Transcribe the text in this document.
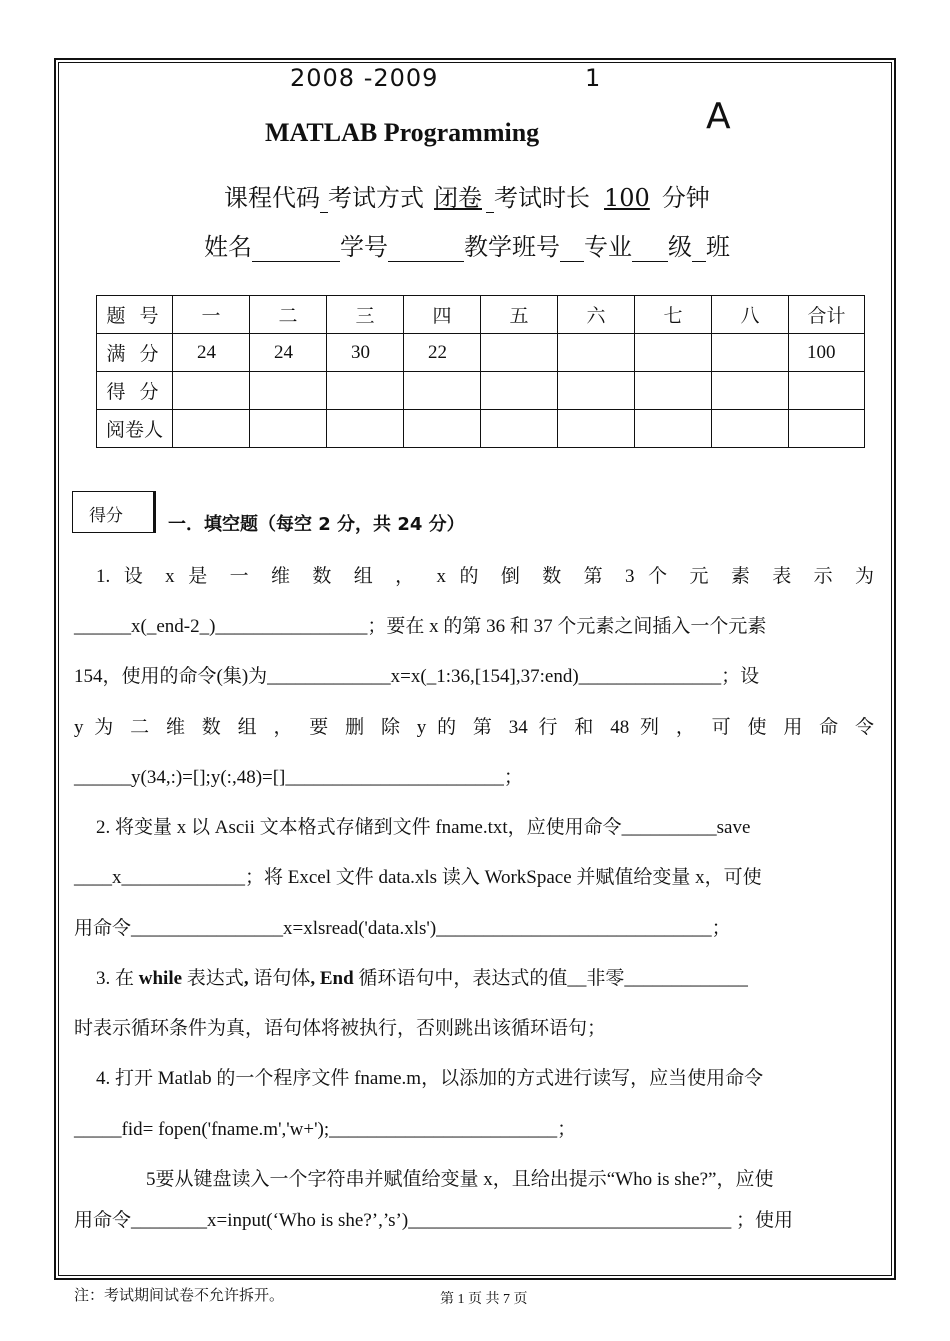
2008 -2009	1
A
MATLAB Programming
课程代码 考试方式 闭卷 考试时长 100 分钟
姓名	学号	教学班号 专业 级 班
题 号	一	二	三	四	五	六	七	八	合计
满 分	24	24	30	22					100
得 分									
阅卷人									
得分	一．填空题（每空 2 分，共 24 分）
1. 设 x 是 一 维 数 组 ， x 的 倒 数 第 3 个 元 素 表 示 为
______x(_end-2_)________________；要在 x 的第 36 和 37 个元素之间插入一个元素
154，使用的命令(集)为_____________x=x(_1:36,[154],37:end)_______________；设
y 为 二 维 数 组 ， 要 删 除 y 的 第 34 行 和 48 列 ， 可 使 用 命 令
______y(34,:)=[];y(:,48)=[]_______________________；
2. 将变量 x 以 Ascii 文本格式存储到文件 fname.txt，应使用命令__________save
____x_____________；将 Excel 文件 data.xls 读入 WorkSpace 并赋值给变量 x，可使
用命令________________x=xlsread('data.xls')_____________________________；
3. 在 while 表达式, 语句体, End 循环语句中，表达式的值__非零_____________
时表示循环条件为真，语句体将被执行，否则跳出该循环语句；
4. 打开 Matlab 的一个程序文件 fname.m，以添加的方式进行读写，应当使用命令
_____fid= fopen('fname.m','w+');________________________；
5要从键盘读入一个字符串并赋值给变量 x，且给出提示“Who is she?”，应使
用命令________x=input(‘Who is she?’,’s’)__________________________________ ；使用
注：考试期间试卷不允许拆开。	第 1 页 共 7 页
